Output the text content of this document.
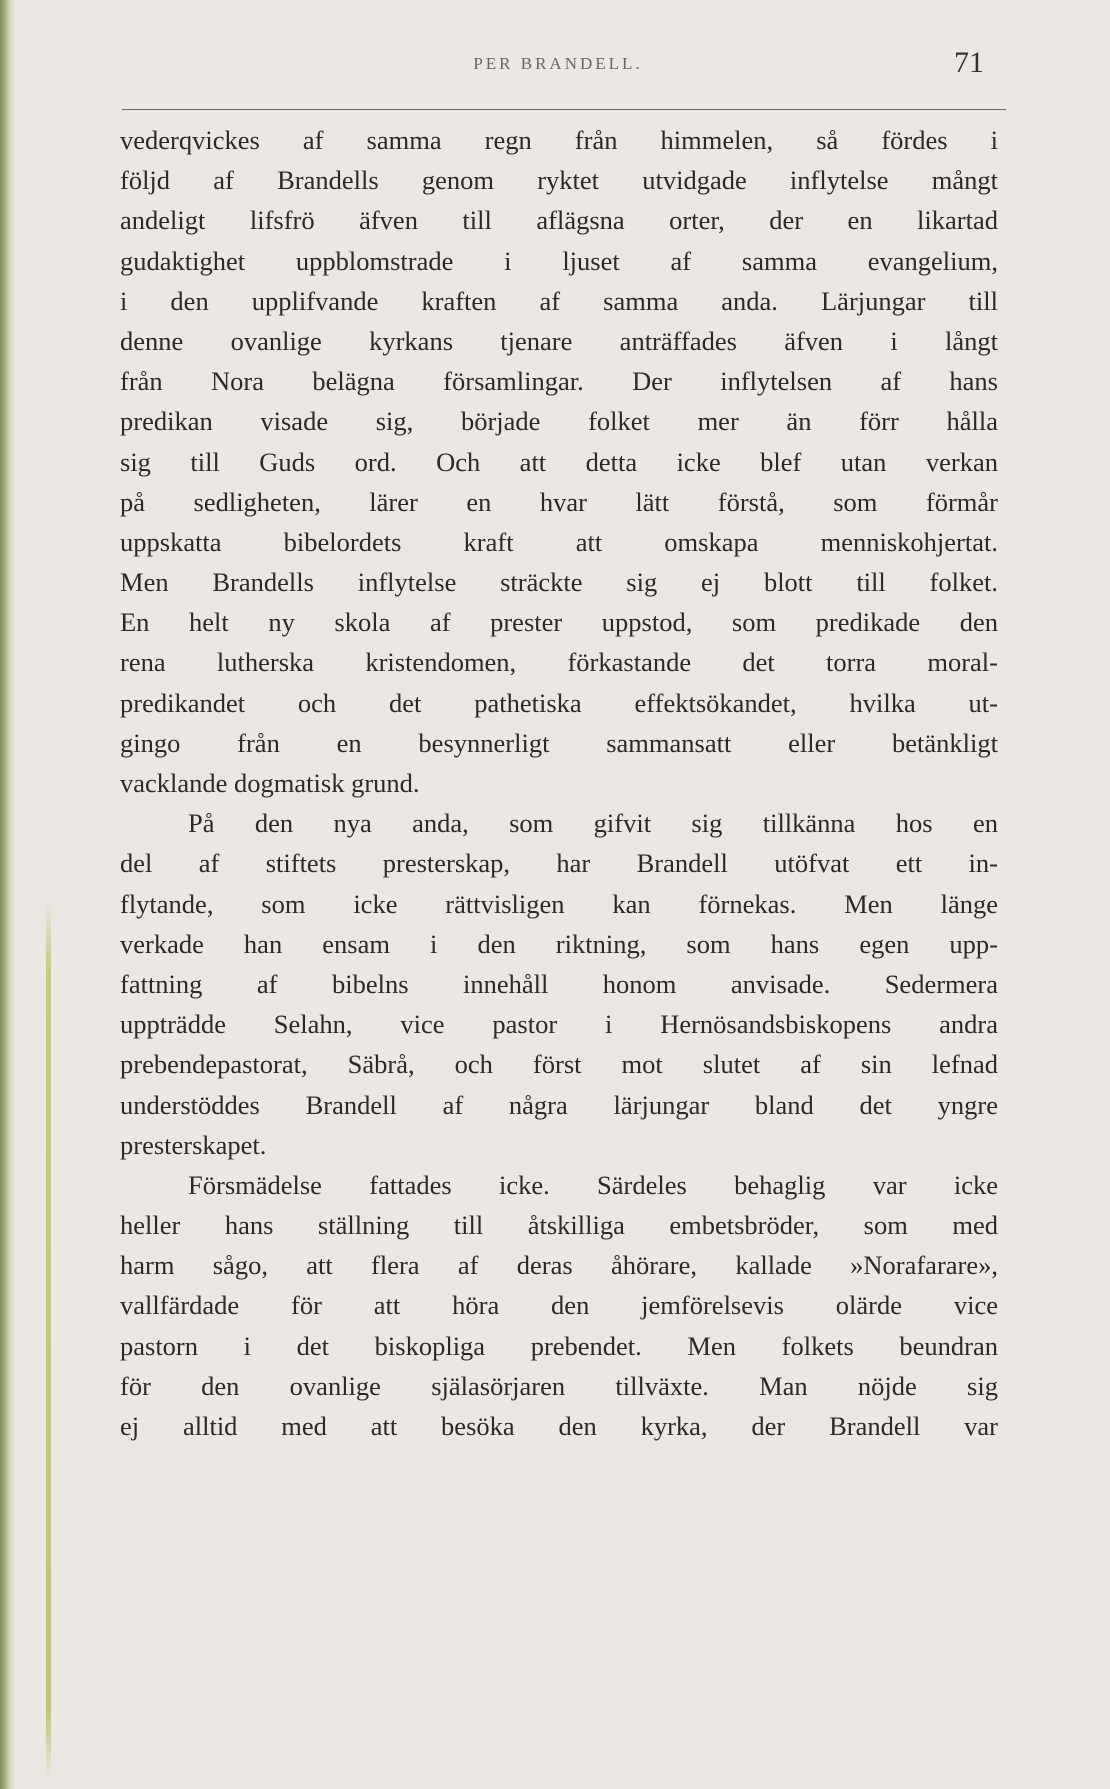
PER BRANDELL.	71
vederqvickes af samma regn från himmelen, så fördes i
följd af Brandells genom ryktet utvidgade inflytelse mångt
andeligt lifsfrö äfven till aflägsna orter, der en likartad
gudaktighet uppblomstrade i ljuset af samma evangelium,
i den upplifvande kraften af samma anda. Lärjungar till
denne ovanlige kyrkans tjenare anträffades äfven i långt
från Nora belägna församlingar. Der inflytelsen af hans
predikan visade sig, började folket mer än förr hålla
sig till Guds ord. Och att detta icke blef utan verkan
på sedligheten, lärer en hvar lätt förstå, som förmår
uppskatta bibelordets kraft att omskapa menniskohjertat.
Men Brandells inflytelse sträckte sig ej blott till folket.
En helt ny skola af prester uppstod, som predikade den
rena lutherska kristendomen, förkastande det torra moral-
predikandet och det pathetiska effektsökandet, hvilka ut-
gingo från en besynnerligt sammansatt eller betänkligt
vacklande dogmatisk grund.
På den nya anda, som gifvit sig tillkänna hos en
del af stiftets presterskap, har Brandell utöfvat ett in-
flytande, som icke rättvisligen kan förnekas. Men länge
verkade han ensam i den riktning, som hans egen upp-
fattning af bibelns innehåll honom anvisade. Sedermera
uppträdde Selahn, vice pastor i Hernösandsbiskopens andra
prebendepastorat, Säbrå, och först mot slutet af sin lefnad
understöddes Brandell af några lärjungar bland det yngre
presterskapet.
Försmädelse fattades icke. Särdeles behaglig var icke
heller hans ställning till åtskilliga embetsbröder, som med
harm sågo, att flera af deras åhörare, kallade »Norafarare»,
vallfärdade för att höra den jemförelsevis olärde vice
pastorn i det biskopliga prebendet. Men folkets beundran
för den ovanlige själasörjaren tillväxte. Man nöjde sig
ej alltid med att besöka den kyrka, der Brandell var
